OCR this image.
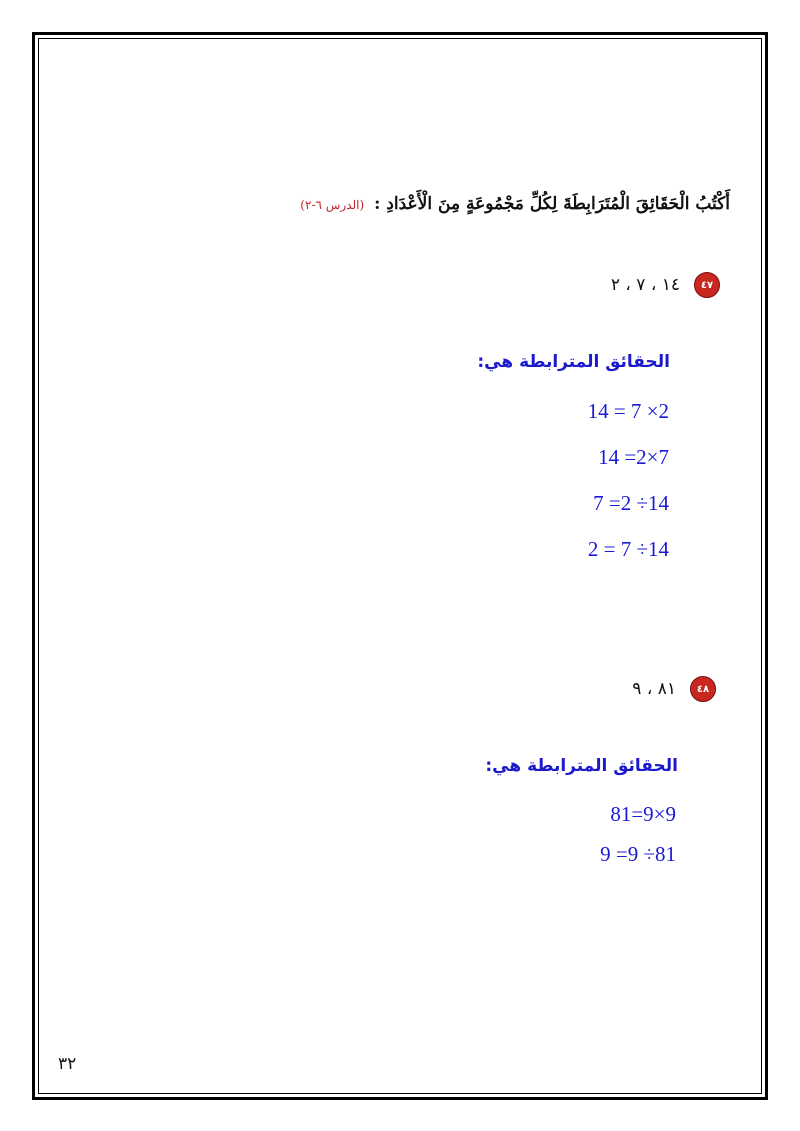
أَكْتُبُ الْحَقَائِقَ الْمُتَرَابِطَةَ لِكُلِّ مَجْمُوعَةٍ مِنَ الْأَعْدَادِ : (الدرس ٦-٢)
٤٧
١٤ ، ٧ ، ٢
الحقائق المترابطة هي:
14 = 7 ×2
14 =2×7
7 =2 ÷14
2 = 7 ÷14
٤٨
٨١ ، ٩
الحقائق المترابطة هي:
81=9×9
9 =9 ÷81
٣٢
